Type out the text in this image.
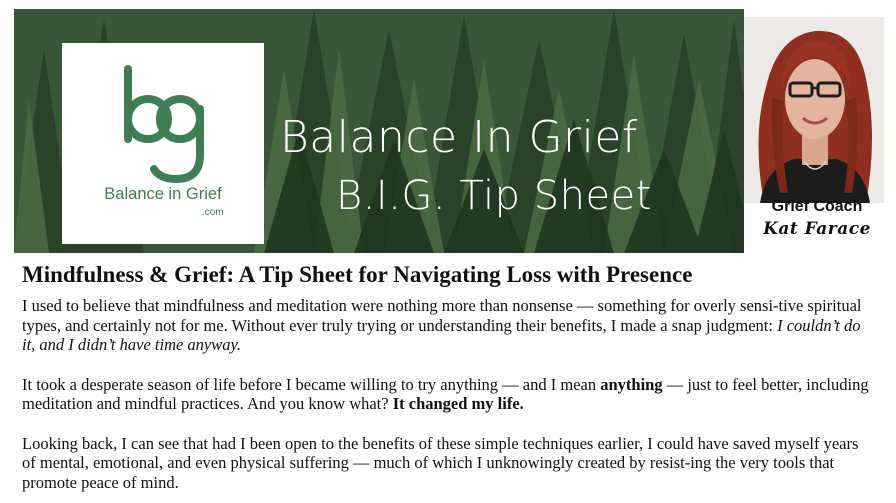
Balance in Grief
.com
Balance In Grief
B.I.G. Tip Sheet	Grief Coach
Kat Farace
Mindfulness & Grief: A Tip Sheet for Navigating Loss with Presence

I used to believe that mindfulness and meditation were nothing more than nonsense — something for overly sensi-tive spiritual types, and certainly not for me. Without ever truly trying or understanding their benefits, I made a snap judgment: I couldn’t do it, and I didn’t have time anyway.

It took a desperate season of life before I became willing to try anything — and I mean anything — just to feel better, including meditation and mindful practices. And you know what? It changed my life.

Looking back, I can see that had I been open to the benefits of these simple techniques earlier, I could have saved myself years of mental, emotional, and even physical suffering — much of which I unknowingly created by resist-ing the very tools that promote peace of mind.
